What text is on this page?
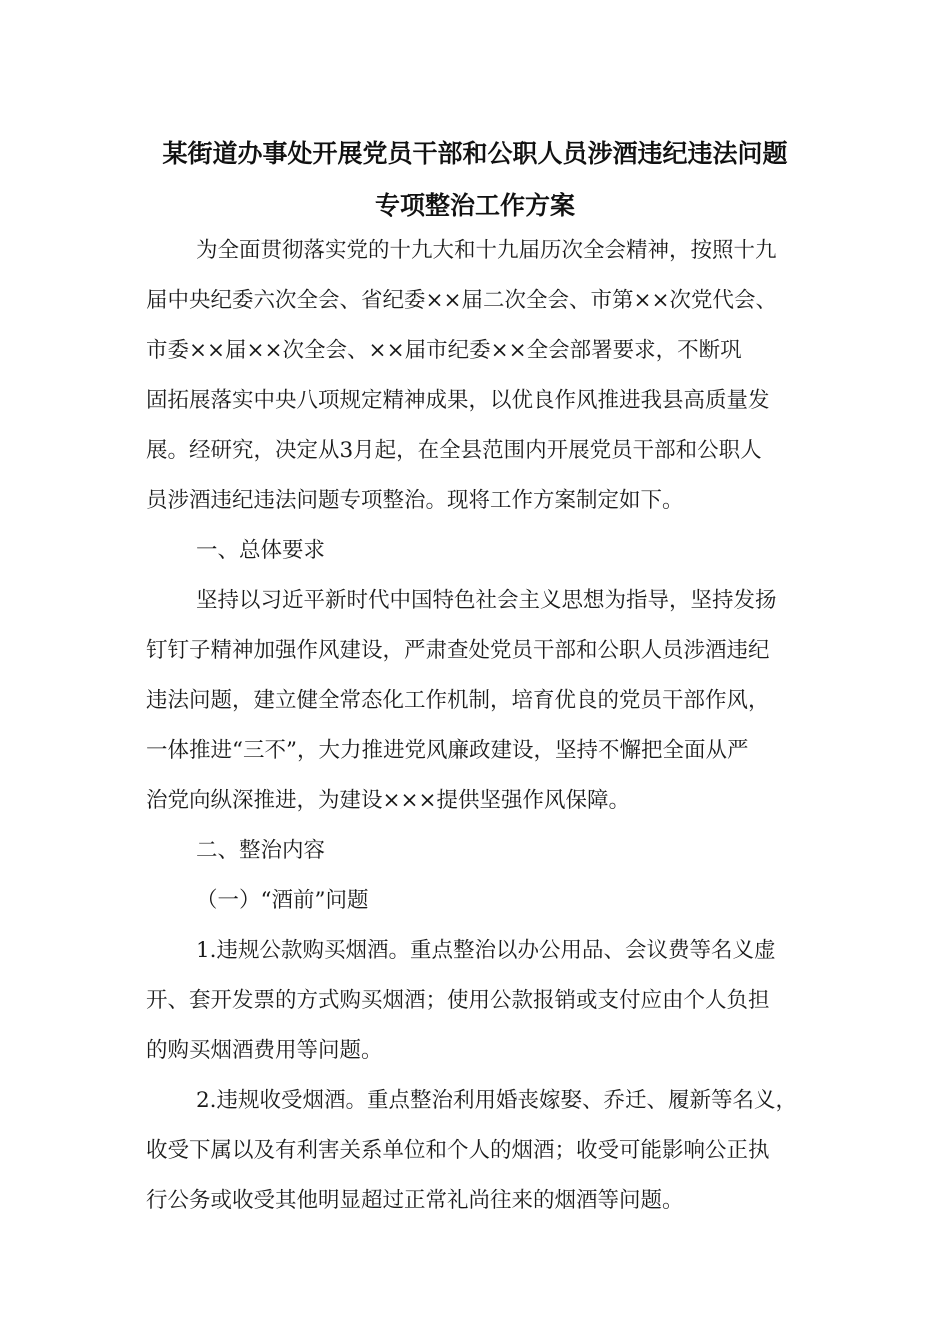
某街道办事处开展党员干部和公职人员涉酒违纪违法问题
专项整治工作方案
为全面贯彻落实党的十九大和十九届历次全会精神，按照十九
届中央纪委六次全会、省纪委××届二次全会、市第××次党代会、
市委××届××次全会、××届市纪委××全会部署要求，不断巩
固拓展落实中央八项规定精神成果，以优良作风推进我县高质量发
展。经研究，决定从3月起，在全县范围内开展党员干部和公职人
员涉酒违纪违法问题专项整治。现将工作方案制定如下。
一、总体要求
坚持以习近平新时代中国特色社会主义思想为指导，坚持发扬
钉钉子精神加强作风建设，严肃查处党员干部和公职人员涉酒违纪
违法问题，建立健全常态化工作机制，培育优良的党员干部作风，
一体推进“三不”，大力推进党风廉政建设，坚持不懈把全面从严
治党向纵深推进，为建设×××提供坚强作风保障。
二、整治内容
（一）“酒前”问题
1.违规公款购买烟酒。重点整治以办公用品、会议费等名义虚
开、套开发票的方式购买烟酒；使用公款报销或支付应由个人负担
的购买烟酒费用等问题。
2.违规收受烟酒。重点整治利用婚丧嫁娶、乔迁、履新等名义，
收受下属以及有利害关系单位和个人的烟酒；收受可能影响公正执
行公务或收受其他明显超过正常礼尚往来的烟酒等问题。
